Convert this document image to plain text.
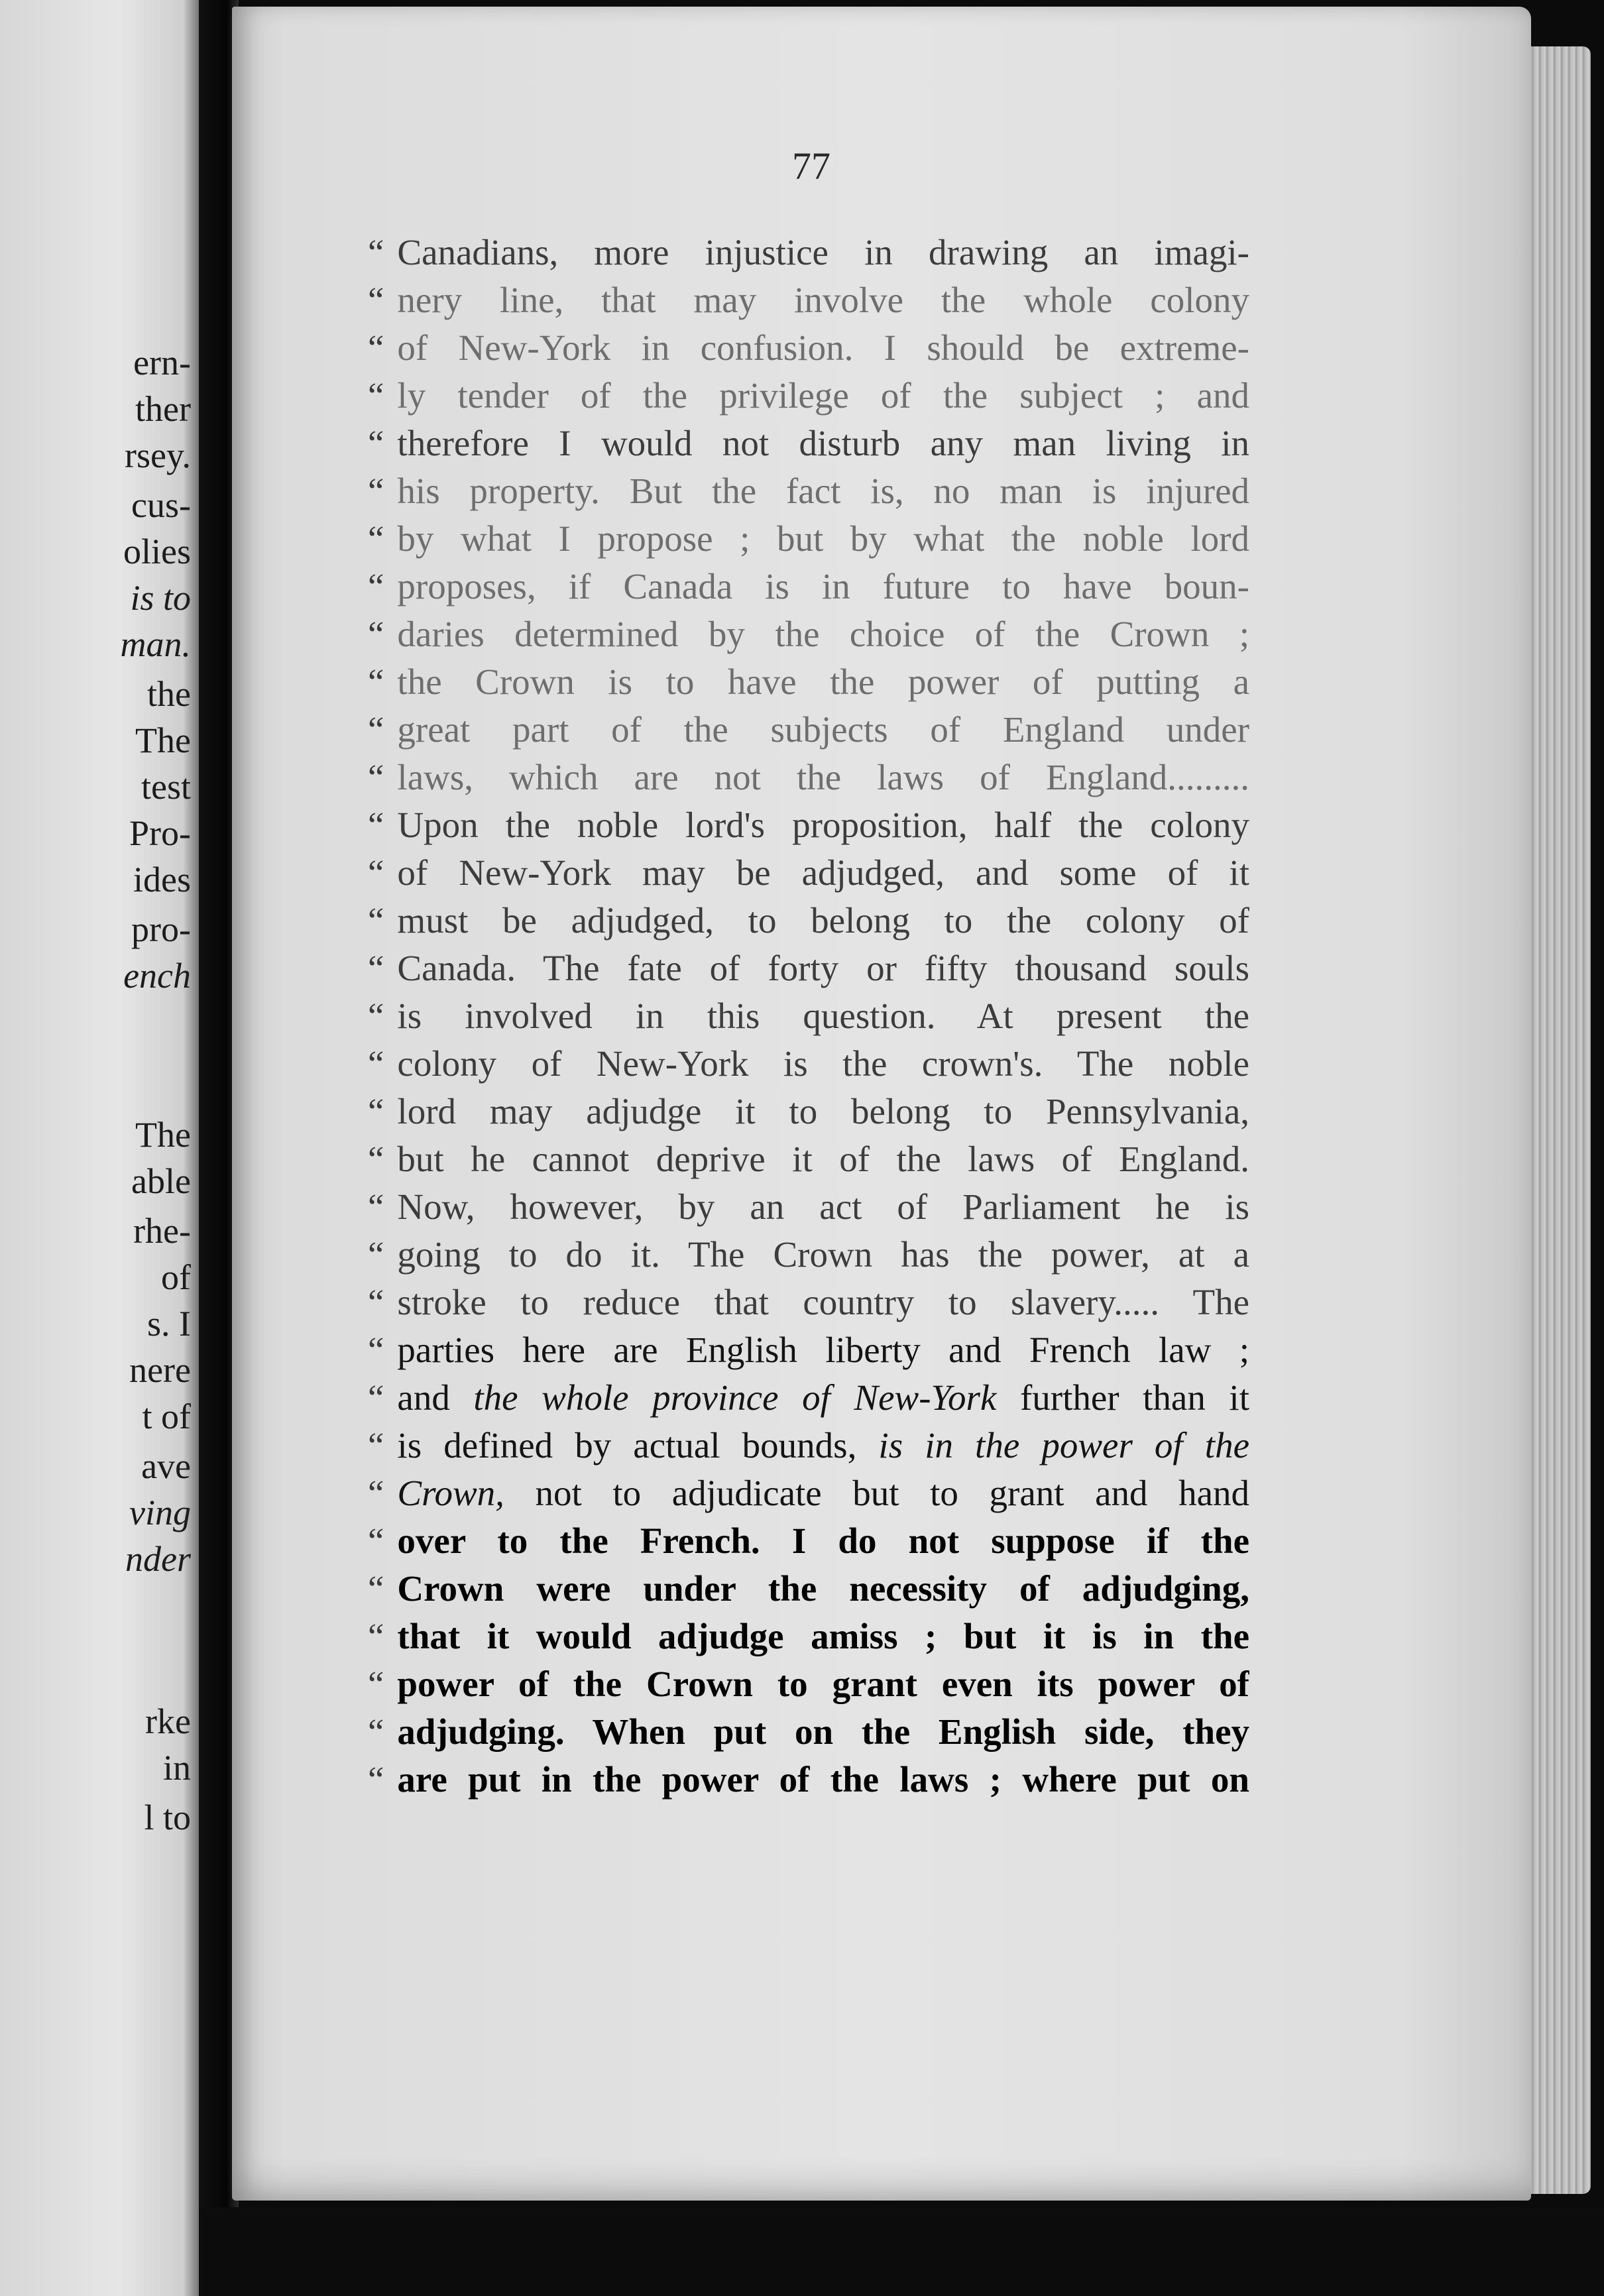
ern-

ther

rsey.

cus-

olies

is to

man.

the

The

test

Pro-

ides

pro-

ench

The

able

rhe-

of

s. I

nere

t of

ave

ving

nder

rke

in

l to

77

“ Canadians, more injustice in drawing an imagi-
“ nery line, that may involve the whole colony
“ of New-York in confusion. I should be extreme-
“ ly tender of the privilege of the subject ; and
“ therefore I would not disturb any man living in
“ his property. But the fact is, no man is injured
“ by what I propose ; but by what the noble lord
“ proposes, if Canada is in future to have boun-
“ daries determined by the choice of the Crown ;
“ the Crown is to have the power of putting a
“ great part of the subjects of England under
“ laws, which are not the laws of England.........
“ Upon the noble lord's proposition, half the colony
“ of New-York may be adjudged, and some of it
“ must be adjudged, to belong to the colony of
“ Canada. The fate of forty or fifty thousand souls
“ is involved in this question. At present the
“ colony of New-York is the crown's. The noble
“ lord may adjudge it to belong to Pennsylvania,
“ but he cannot deprive it of the laws of England.
“ Now, however, by an act of Parliament he is
“ going to do it. The Crown has the power, at a
“ stroke to reduce that country to slavery..... The
“ parties here are English liberty and French law ;
“ and the whole province of New-York further than it
“ is defined by actual bounds, is in the power of the
“ Crown, not to adjudicate but to grant and hand
“ over to the French. I do not suppose if the
“ Crown were under the necessity of adjudging,
“ that it would adjudge amiss ; but it is in the
“ power of the Crown to grant even its power of
“ adjudging. When put on the English side, they
“ are put in the power of the laws ; where put on
